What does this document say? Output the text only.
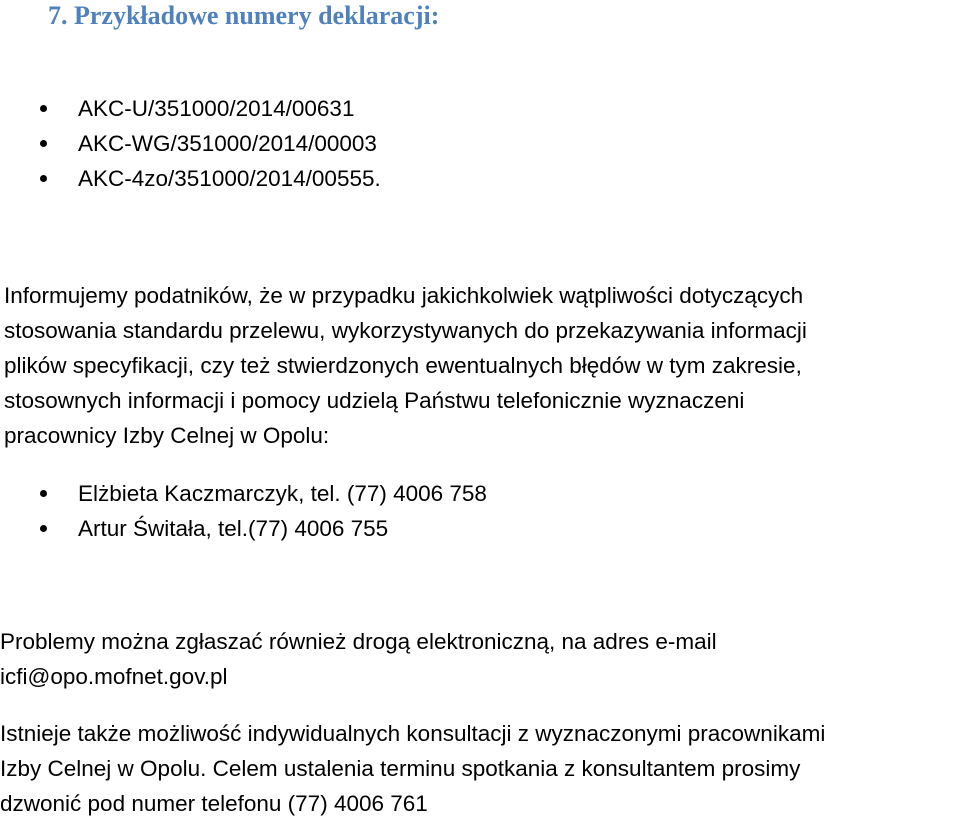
7. Przykładowe numery deklaracji:
AKC-U/351000/2014/00631
AKC-WG/351000/2014/00003
AKC-4zo/351000/2014/00555.

Informujemy podatników, że w przypadku jakichkolwiek wątpliwości dotyczących
stosowania standardu przelewu, wykorzystywanych do przekazywania informacji
plików specyfikacji, czy też stwierdzonych ewentualnych błędów w tym zakresie,
stosownych informacji i pomocy udzielą Państwu telefonicznie wyznaczeni
pracownicy Izby Celnej w Opolu:

Elżbieta Kaczmarczyk, tel. (77) 4006 758
Artur Świtała, tel.(77) 4006 755

Problemy można zgłaszać również drogą elektroniczną, na adres e-mail
icfi@opo.mofnet.gov.pl

Istnieje także możliwość indywidualnych konsultacji z wyznaczonymi pracownikami
Izby Celnej w Opolu. Celem ustalenia terminu spotkania z konsultantem prosimy
dzwonić pod numer telefonu (77) 4006 761
